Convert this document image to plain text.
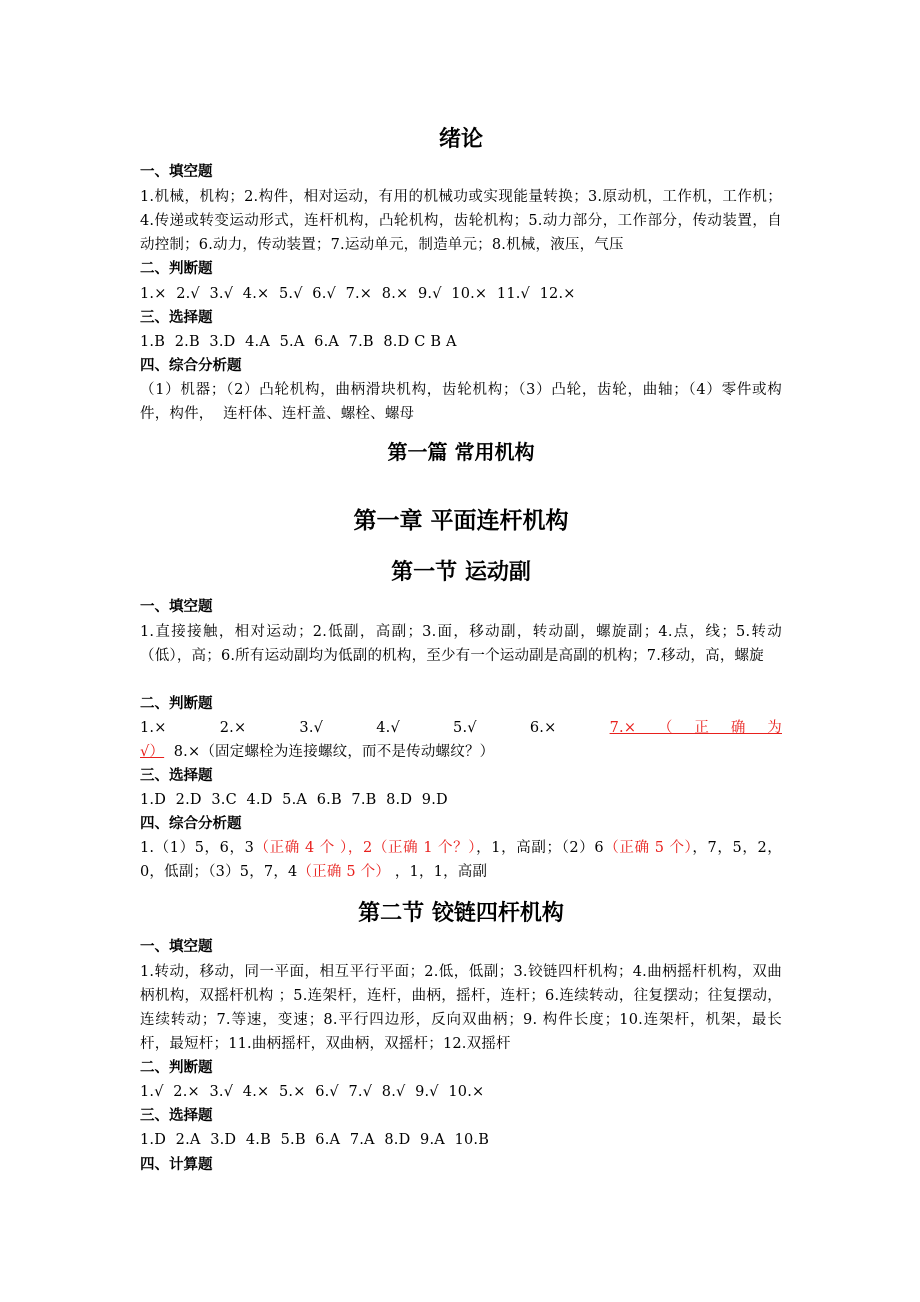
绪论
一、填空题
1.机械，机构；2.构件，相对运动，有用的机械功或实现能量转换；3.原动机，工作机，工作机；4.传递或转变运动形式，连杆机构，凸轮机构，齿轮机构；5.动力部分，工作部分，传动装置，自动控制；6.动力，传动装置；7.运动单元，制造单元；8.机械，液压，气压
二、判断题
1.×  2.√  3.√  4.×  5.√  6.√  7.×  8.×  9.√  10.×  11.√  12.×
三、选择题
1.B  2.B  3.D  4.A  5.A  6.A  7.B  8.D C B A
四、综合分析题
（1）机器；（2）凸轮机构，曲柄滑块机构，齿轮机构；（3）凸轮，齿轮，曲轴；（4）零件或构件，构件，  连杆体、连杆盖、螺栓、螺母
第一篇 常用机构
第一章 平面连杆机构
第一节 运动副
一、填空题
1.直接接触，相对运动；2.低副，高副；3.面，移动副，转动副，螺旋副；4.点，线；5.转动（低），高；6.所有运动副均为低副的机构，至少有一个运动副是高副的机构；7.移动，高，螺旋
二、判断题
1.×  2.×  3.√  4.√  5.√  6.×  7.×（正确为√）  8.×（固定螺栓为连接螺纹，而不是传动螺纹？）
三、选择题
1.D  2.D  3.C  4.D  5.A  6.B  7.B  8.D  9.D
四、综合分析题
1.（1）5，6，3（正确 4 个 ），2（正确 1 个？），1，高副；（2）6（正确 5 个），7，5，2，0，低副；（3）5，7，4（正确 5 个） ，1，1，高副
第二节 铰链四杆机构
一、填空题
1.转动，移动，同一平面，相互平行平面；2.低，低副；3.铰链四杆机构；4.曲柄摇杆机构，双曲柄机构，双摇杆机构 ；5.连架杆，连杆，曲柄，摇杆，连杆；6.连续转动，往复摆动；往复摆动，连续转动；7.等速，变速；8.平行四边形，反向双曲柄；9. 构件长度；10.连架杆，机架，最长杆，最短杆；11.曲柄摇杆，双曲柄，双摇杆；12.双摇杆
二、判断题
1.√  2.×  3.√  4.×  5.×  6.√  7.√  8.√  9.√  10.×
三、选择题
1.D  2.A  3.D  4.B  5.B  6.A  7.A  8.D  9.A  10.B
四、计算题
